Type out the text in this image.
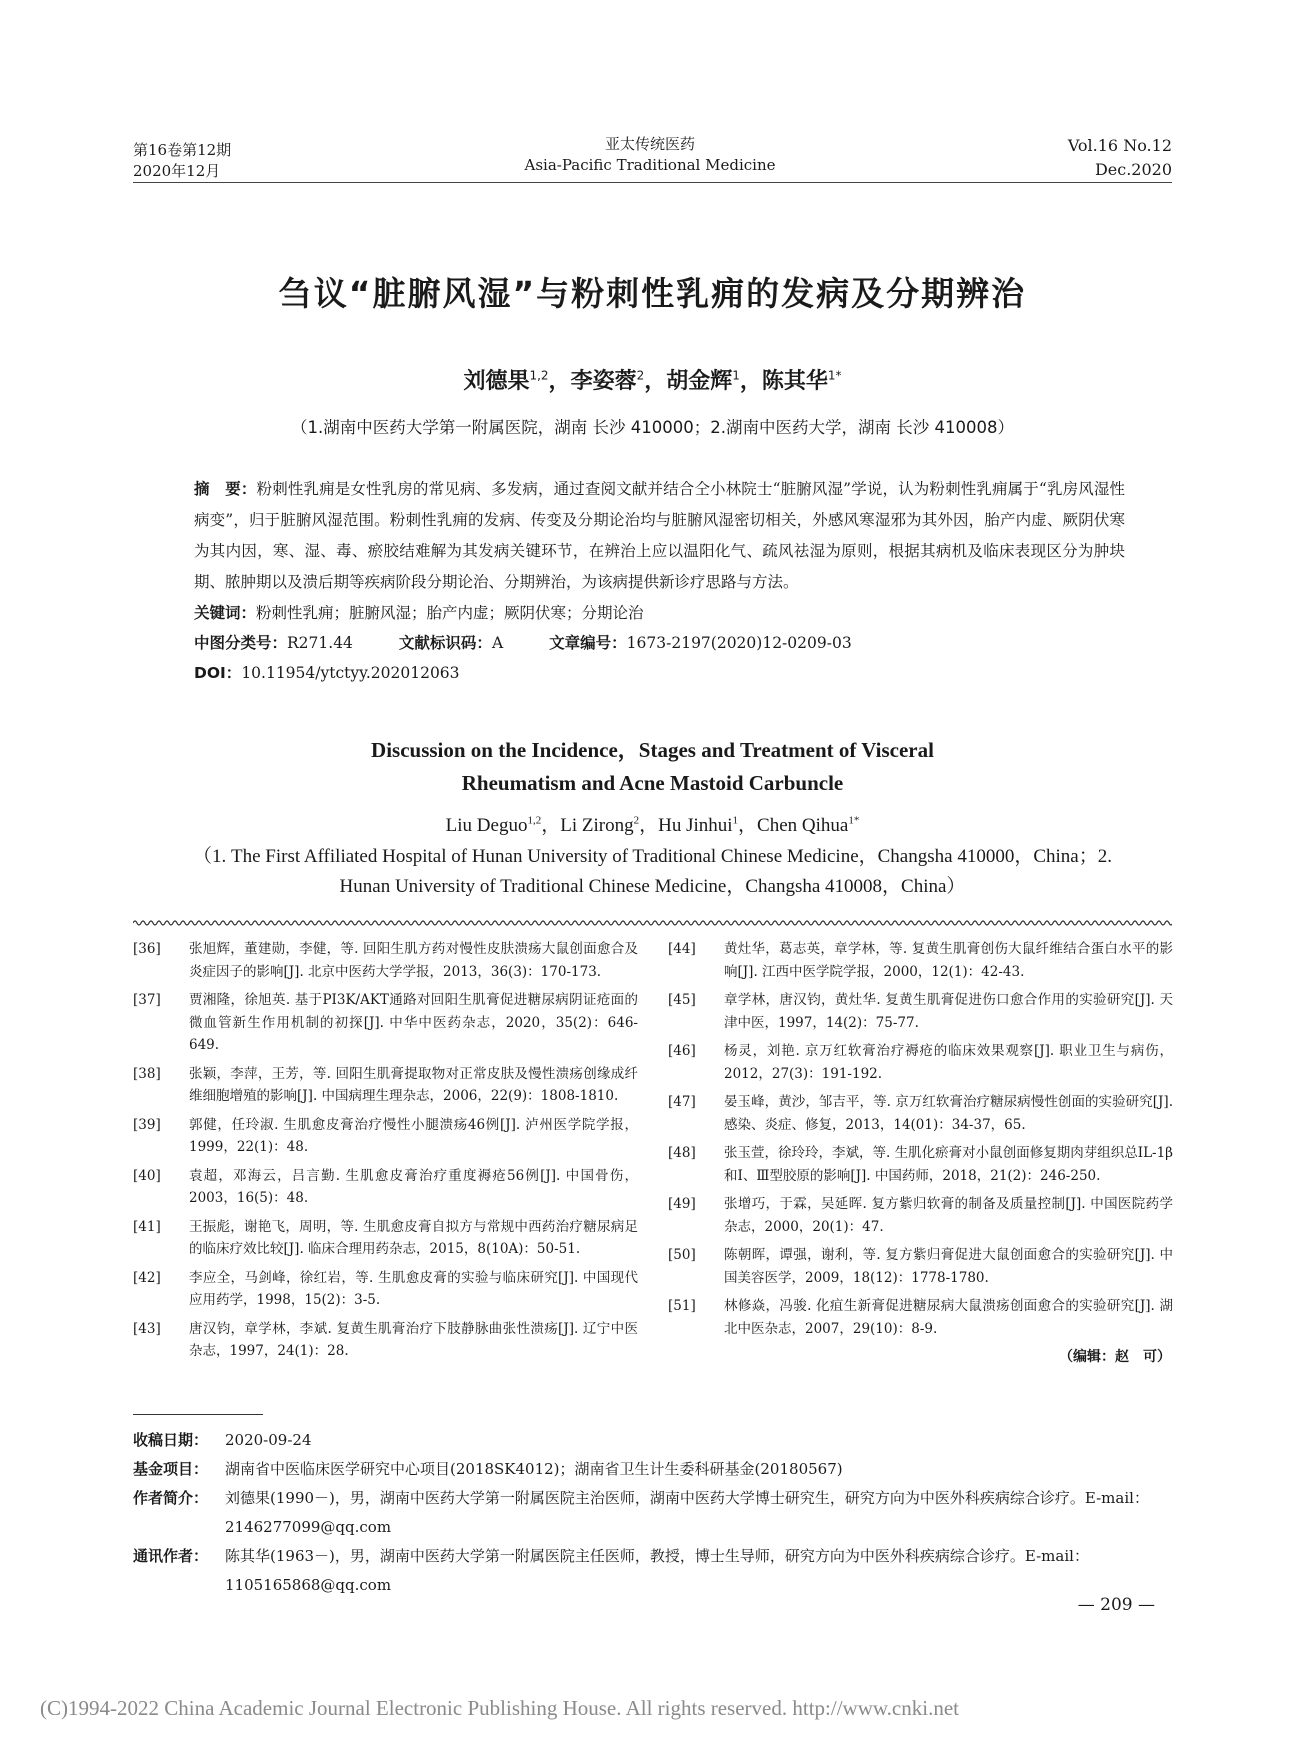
第16卷第12期
2020年12月
亚太传统医药
Asia-Pacific Traditional Medicine
Vol.16 No.12
Dec.2020
刍议“脏腑风湿”与粉刺性乳痈的发病及分期辨治
刘德果$^{1,2}$，李姿蓉$^2$，胡金辉$^1$，陈其华$^{1*}$
（1.湖南中医药大学第一附属医院，湖南 长沙 410000；2.湖南中医药大学，湖南 长沙 410008）
摘　要：粉刺性乳痈是女性乳房的常见病、多发病，通过查阅文献并结合仝小林院士“脏腑风湿”学说，认为粉刺性乳痈属于“乳房风湿性病变”，归于脏腑风湿范围。粉刺性乳痈的发病、传变及分期论治均与脏腑风湿密切相关，外感风寒湿邪为其外因，胎产内虚、厥阴伏寒为其内因，寒、湿、毒、瘀胶结难解为其发病关键环节，在辨治上应以温阳化气、疏风祛湿为原则，根据其病机及临床表现区分为肿块期、脓肿期以及溃后期等疾病阶段分期论治、分期辨治，为该病提供新诊疗思路与方法。
关键词：粉刺性乳痈；脏腑风湿；胎产内虚；厥阴伏寒；分期论治
中图分类号：R271.44	文献标识码：A	文章编号：1673-2197(2020)12-0209-03
DOI：10.11954/ytctyy.202012063
Discussion on the Incidence，Stages and Treatment of Visceral
Rheumatism and Acne Mastoid Carbuncle
Liu Deguo$^{1,2}$，Li Zirong$^2$，Hu Jinhui$^1$，Chen Qihua$^{1*}$
（1. The First Affiliated Hospital of Hunan University of Traditional Chinese Medicine，Changsha 410000，China；2. Hunan University of Traditional Chinese Medicine，Changsha 410008，China）
[36] 张旭辉，董建勋，李健，等. 回阳生肌方药对慢性皮肤溃疡大鼠创面愈合及炎症因子的影响[J]. 北京中医药大学学报，2013，36(3)：170-173.
[37] 贾湘隆，徐旭英. 基于PI3K/AKT通路对回阳生肌膏促进糖尿病阴证疮面的微血管新生作用机制的初探[J]. 中华中医药杂志，2020，35(2)：646-649.
[38] 张颖，李萍，王芳，等. 回阳生肌膏提取物对正常皮肤及慢性溃疡创缘成纤维细胞增殖的影响[J]. 中国病理生理杂志，2006，22(9)：1808-1810.
[39] 郭健，任玲淑. 生肌愈皮膏治疗慢性小腿溃疡46例[J]. 泸州医学院学报，1999，22(1)：48.
[40] 袁超，邓海云，吕言勤. 生肌愈皮膏治疗重度褥疮56例[J]. 中国骨伤，2003，16(5)：48.
[41] 王振彪，谢艳飞，周明，等. 生肌愈皮膏自拟方与常规中西药治疗糖尿病足的临床疗效比较[J]. 临床合理用药杂志，2015，8(10A)：50-51.
[42] 李应全，马剑峰，徐红岩，等. 生肌愈皮膏的实验与临床研究[J]. 中国现代应用药学，1998，15(2)：3-5.
[43] 唐汉钧，章学林，李斌. 复黄生肌膏治疗下肢静脉曲张性溃疡[J]. 辽宁中医杂志，1997，24(1)：28.
[44] 黄灶华，葛志英，章学林，等. 复黄生肌膏创伤大鼠纤维结合蛋白水平的影响[J]. 江西中医学院学报，2000，12(1)：42-43.
[45] 章学林，唐汉钧，黄灶华. 复黄生肌膏促进伤口愈合作用的实验研究[J]. 天津中医，1997，14(2)：75-77.
[46] 杨灵，刘艳. 京万红软膏治疗褥疮的临床效果观察[J]. 职业卫生与病伤，2012，27(3)：191-192.
[47] 晏玉峰，黄沙，邹吉平，等. 京万红软膏治疗糖尿病慢性创面的实验研究[J]. 感染、炎症、修复，2013，14(01)：34-37，65.
[48] 张玉萱，徐玲玲，李斌，等. 生肌化瘀膏对小鼠创面修复期肉芽组织总IL-1β和Ⅰ、Ⅲ型胶原的影响[J]. 中国药师，2018，21(2)：246-250.
[49] 张增巧，于霖，吴延晖. 复方紫归软膏的制备及质量控制[J]. 中国医院药学杂志，2000，20(1)：47.
[50] 陈朝晖，谭强，谢利，等. 复方紫归膏促进大鼠创面愈合的实验研究[J]. 中国美容医学，2009，18(12)：1778-1780.
[51] 林修焱，冯骏. 化疽生新膏促进糖尿病大鼠溃疡创面愈合的实验研究[J]. 湖北中医杂志，2007，29(10)：8-9.
（编辑：赵　可）
收稿日期： 2020-09-24
基金项目： 湖南省中医临床医学研究中心项目(2018SK4012)；湖南省卫生计生委科研基金(20180567)
作者简介： 刘德果(1990－)，男，湖南中医药大学第一附属医院主治医师，湖南中医药大学博士研究生，研究方向为中医外科疾病综合诊疗。E-mail：2146277099@qq.com
通讯作者： 陈其华(1963－)，男，湖南中医药大学第一附属医院主任医师，教授，博士生导师，研究方向为中医外科疾病综合诊疗。E-mail：1105165868@qq.com
— 209 —
(C)1994-2022 China Academic Journal Electronic Publishing House. All rights reserved. http://www.cnki.net
